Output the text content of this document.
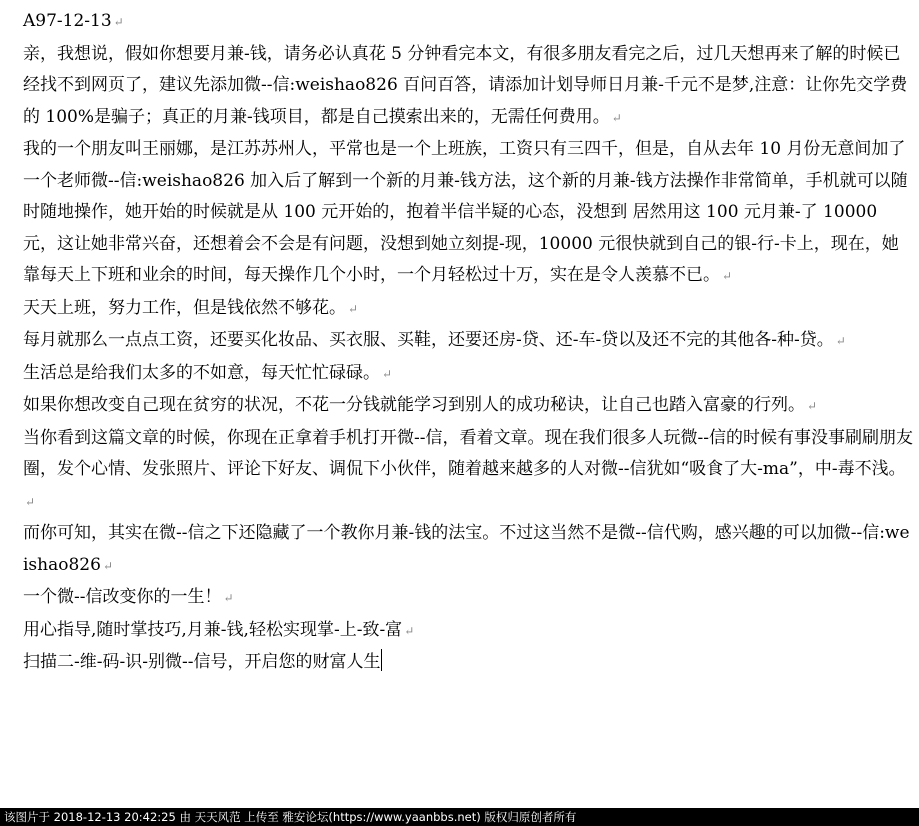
A97-12-13 ↵

亲，我想说，假如你想要月兼-钱，请务必认真花 5 分钟看完本文，有很多朋友看完之后，过几天想再来了解的时候已经找不到网页了，建议先添加微--信:weishao826 百问百答，请添加计划导师日月兼-千元不是梦,注意：让你先交学费的 100%是骗子；真正的月兼-钱项目，都是自己摸索出来的，无需任何费用。 ↵

我的一个朋友叫王丽娜，是江苏苏州人，平常也是一个上班族，工资只有三四千，但是，自从去年 10 月份无意间加了一个老师微--信:weishao826 加入后了解到一个新的月兼-钱方法，这个新的月兼-钱方法操作非常简单，手机就可以随时随地操作，她开始的时候就是从 100 元开始的，抱着半信半疑的心态，没想到 居然用这 100 元月兼-了 10000 元，这让她非常兴奋，还想着会不会是有问题，没想到她立刻提-现，10000 元很快就到自己的银-行-卡上，现在，她靠每天上下班和业余的时间，每天操作几个小时，一个月轻松过十万，实在是令人羡慕不已。 ↵

天天上班，努力工作，但是钱依然不够花。 ↵

每月就那么一点点工资，还要买化妆品、买衣服、买鞋，还要还房-贷、还-车-贷以及还不完的其他各-种-贷。 ↵

生活总是给我们太多的不如意，每天忙忙碌碌。 ↵

如果你想改变自己现在贫穷的状况，不花一分钱就能学习到别人的成功秘诀，让自己也踏入富豪的行列。 ↵

当你看到这篇文章的时候，你现在正拿着手机打开微--信，看着文章。现在我们很多人玩微--信的时候有事没事刷刷朋友圈，发个心情、发张照片、评论下好友、调侃下小伙伴，随着越来越多的人对微--信犹如“吸食了大-ma”，中-毒不浅。↵

而你可知，其实在微--信之下还隐藏了一个教你月兼-钱的法宝。不过这当然不是微--信代购，感兴趣的可以加微--信:weishao826 ↵

一个微--信改变你的一生！ ↵

用心指导,随时掌技巧,月兼-钱,轻松实现掌-上-致-富 ↵

扫描二-维-码-识-别微--信号，开启您的财富人生

该图片于 2018-12-13 20:42:25 由 天天风范 上传至 雅安论坛(https://www.yaanbbs.net) 版权归原创者所有
